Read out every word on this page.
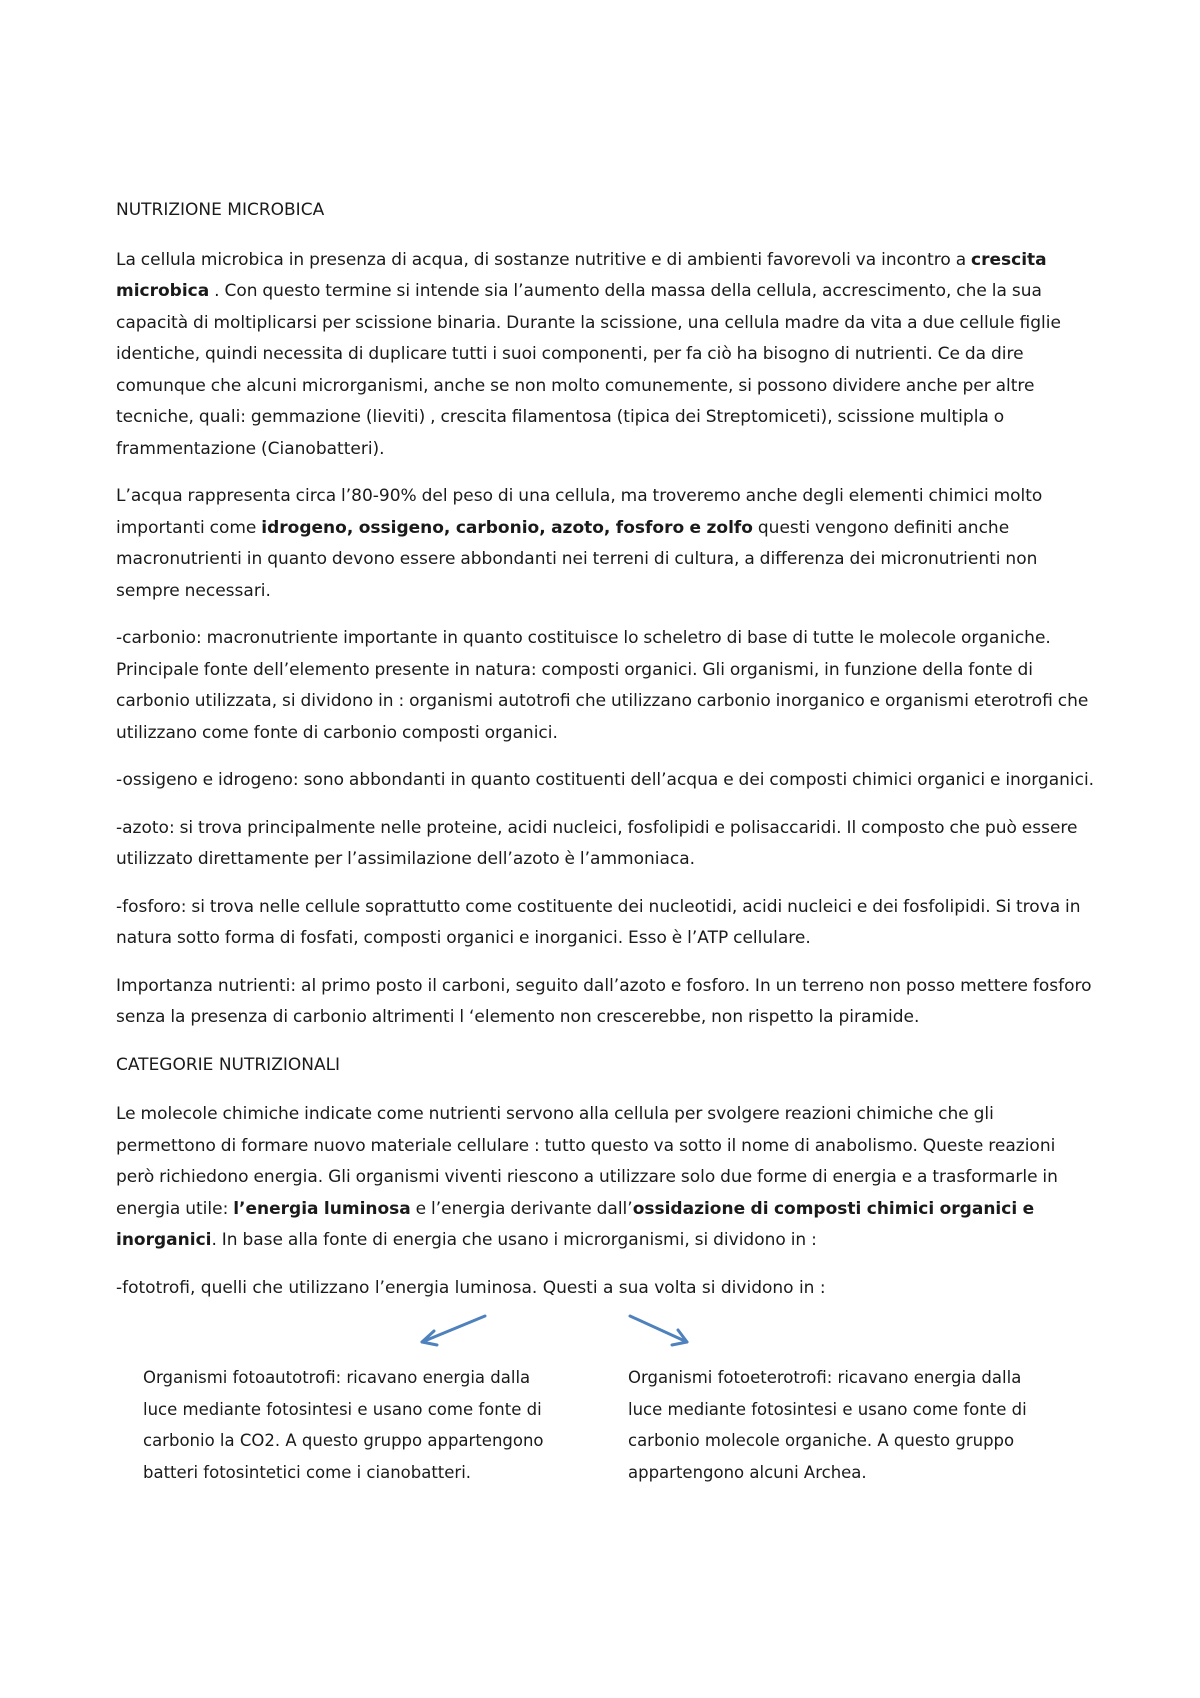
NUTRIZIONE MICROBICA

La cellula microbica in presenza di acqua, di sostanze nutritive e di ambienti favorevoli va incontro a crescita microbica . Con questo termine si intende sia l’aumento della massa della cellula, accrescimento, che la sua capacità di moltiplicarsi per scissione binaria. Durante la scissione, una cellula madre da vita a due cellule figlie identiche, quindi necessita di duplicare tutti i suoi componenti, per fa ciò ha bisogno di nutrienti. Ce da dire comunque che alcuni microrganismi, anche se non molto comunemente, si possono dividere anche per altre tecniche, quali: gemmazione (lieviti) , crescita filamentosa (tipica dei Streptomiceti), scissione multipla o frammentazione (Cianobatteri).

L’acqua rappresenta circa l’80-90% del peso di una cellula, ma troveremo anche degli elementi chimici molto importanti come idrogeno, ossigeno, carbonio, azoto, fosforo e zolfo questi vengono definiti anche macronutrienti in quanto devono essere abbondanti nei terreni di cultura, a differenza dei micronutrienti non sempre necessari.

-carbonio: macronutriente importante in quanto costituisce lo scheletro di base di tutte le molecole organiche. Principale fonte dell’elemento presente in natura: composti organici. Gli organismi, in funzione della fonte di carbonio utilizzata, si dividono in : organismi autotrofi che utilizzano carbonio inorganico e organismi eterotrofi che utilizzano come fonte di carbonio composti organici.

-ossigeno e idrogeno: sono abbondanti in quanto costituenti dell’acqua e dei composti chimici organici e inorganici.

-azoto: si trova principalmente nelle proteine, acidi nucleici, fosfolipidi e polisaccaridi. Il composto che può essere utilizzato direttamente per l’assimilazione dell’azoto è l’ammoniaca.

-fosforo: si trova nelle cellule soprattutto come costituente dei nucleotidi, acidi nucleici e dei fosfolipidi. Si trova in natura sotto forma di fosfati, composti organici e inorganici. Esso è l’ATP cellulare.

Importanza nutrienti: al primo posto il carboni, seguito dall’azoto e fosforo. In un terreno non posso mettere fosforo senza la presenza di carbonio altrimenti l ‘elemento non crescerebbe, non rispetto la piramide.

CATEGORIE NUTRIZIONALI

Le molecole chimiche indicate come nutrienti servono alla cellula per svolgere reazioni chimiche che gli permettono di formare nuovo materiale cellulare : tutto questo va sotto il nome di anabolismo. Queste reazioni però richiedono energia. Gli organismi viventi riescono a utilizzare solo due forme di energia e a trasformarle in energia utile: l’energia luminosa e l’energia derivante dall’ossidazione di composti chimici organici e inorganici. In base alla fonte di energia che usano i microrganismi, si dividono in :

-fototrofi, quelli che utilizzano l’energia luminosa. Questi a sua volta si dividono in :

Organismi fotoautotrofi: ricavano energia dalla luce mediante fotosintesi e usano come fonte di carbonio la CO2. A questo gruppo appartengono batteri fotosintetici come i cianobatteri.
Organismi fotoeterotrofi: ricavano energia dalla luce mediante fotosintesi e usano come fonte di carbonio molecole organiche. A questo gruppo appartengono alcuni Archea.
